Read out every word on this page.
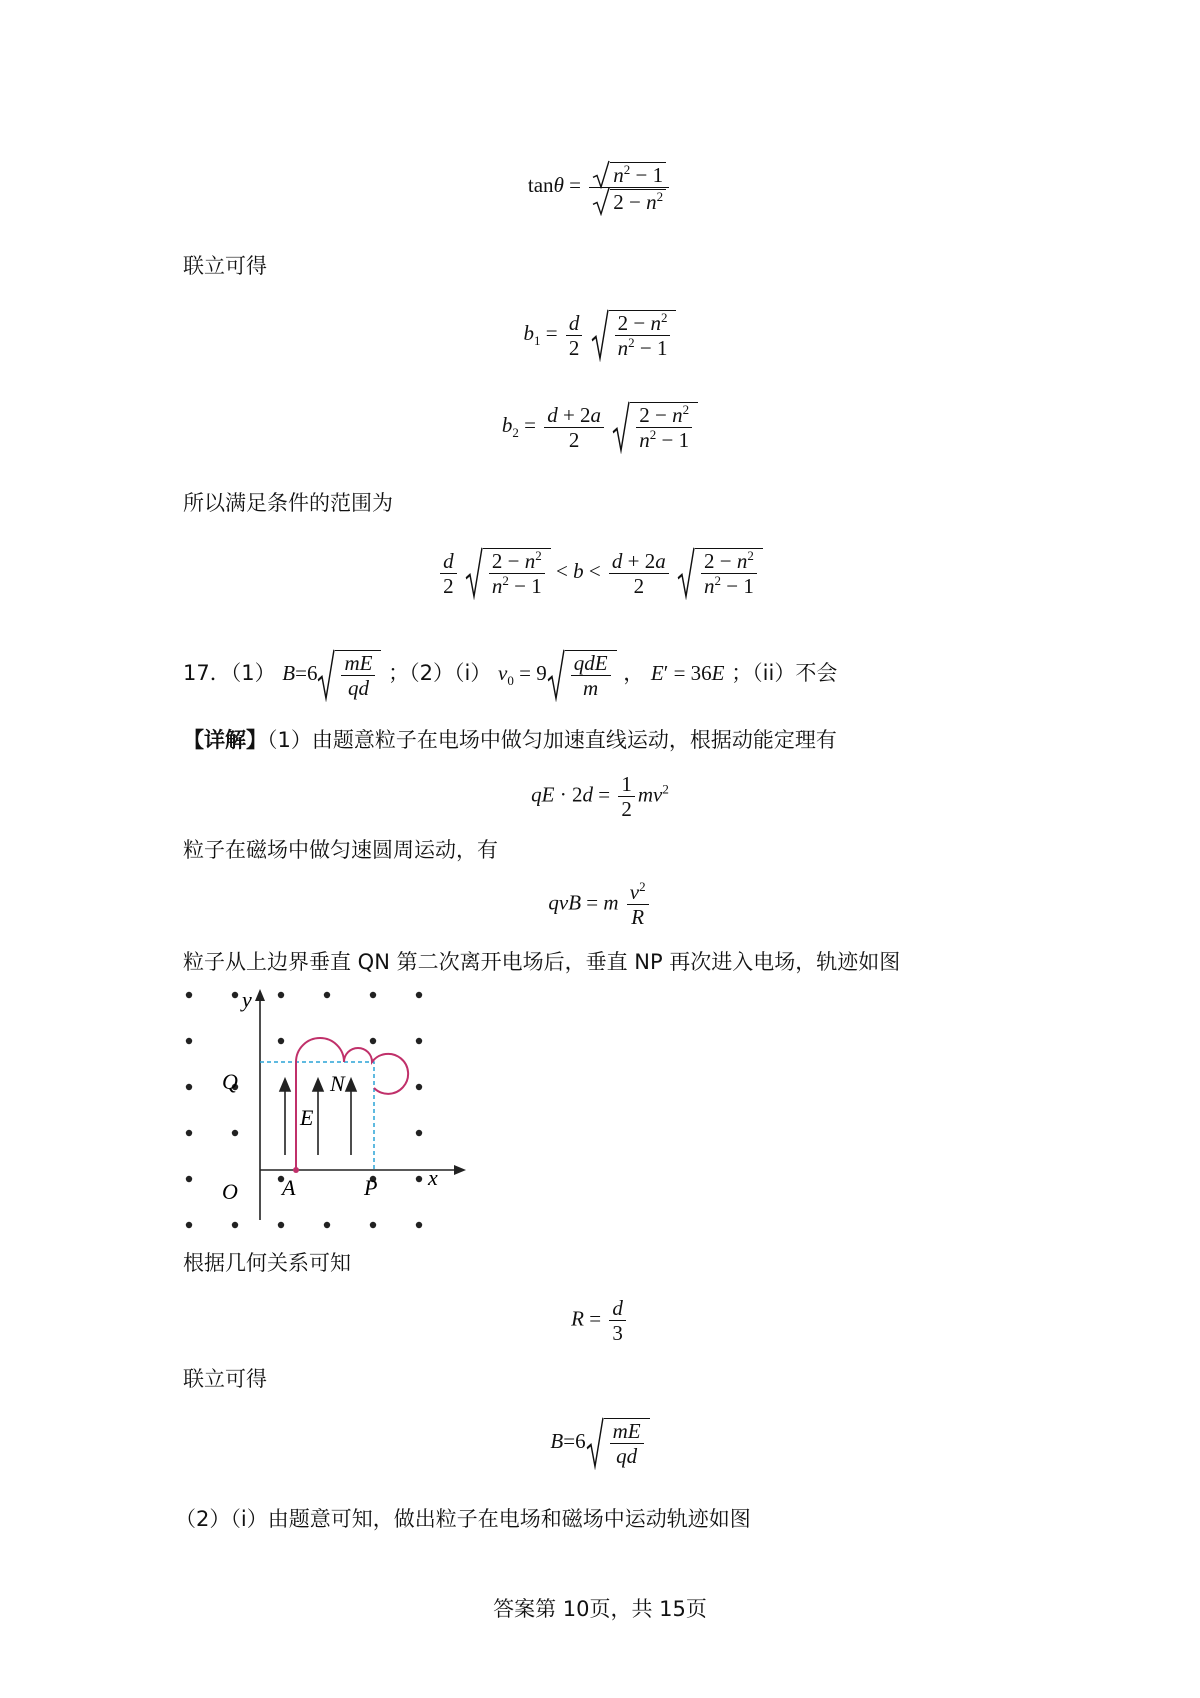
$\tan\theta = \frac{n^2 - 1}{2 - n^2}$
联立可得
$b_1 = \frac{d}{2}$
$\frac{2 - n^2}{n^2 - 1}$
$b_2 = \frac{d + 2a}{2}$
$\frac{2 - n^2}{n^2 - 1}$
所以满足条件的范围为
$\frac{d}{2}$
$\frac{2 - n^2}{n^2 - 1} < b < \frac{d + 2a}{2}$
$\frac{2 - n^2}{n^2 - 1}$
17．（1） $B=6 \frac{mE}{qd}$ ；（2）（i） $v_0 = 9 \frac{\text{qdE}}{m}$ ， E′ = 36E ；（ii）不会
【详解】（1）由题意粒子在电场中做匀加速直线运动，根据动能定理有
qE · $2d = \frac{1}{2} mv^2$
粒子在磁场中做匀速圆周运动，有
qvB = m $\frac{v^2}{R}$
粒子从上边界垂直 QN 第二次离开电场后，垂直 NP 再次进入电场，轨迹如图
y
x
Q	N
E
O A	P
根据几何关系可知
$R = \frac{d}{3}$
联立可得
$B=6 \frac{mE}{qd}$
（2）（i）由题意可知，做出粒子在电场和磁场中运动轨迹如图
答案第 10页，共 15页
